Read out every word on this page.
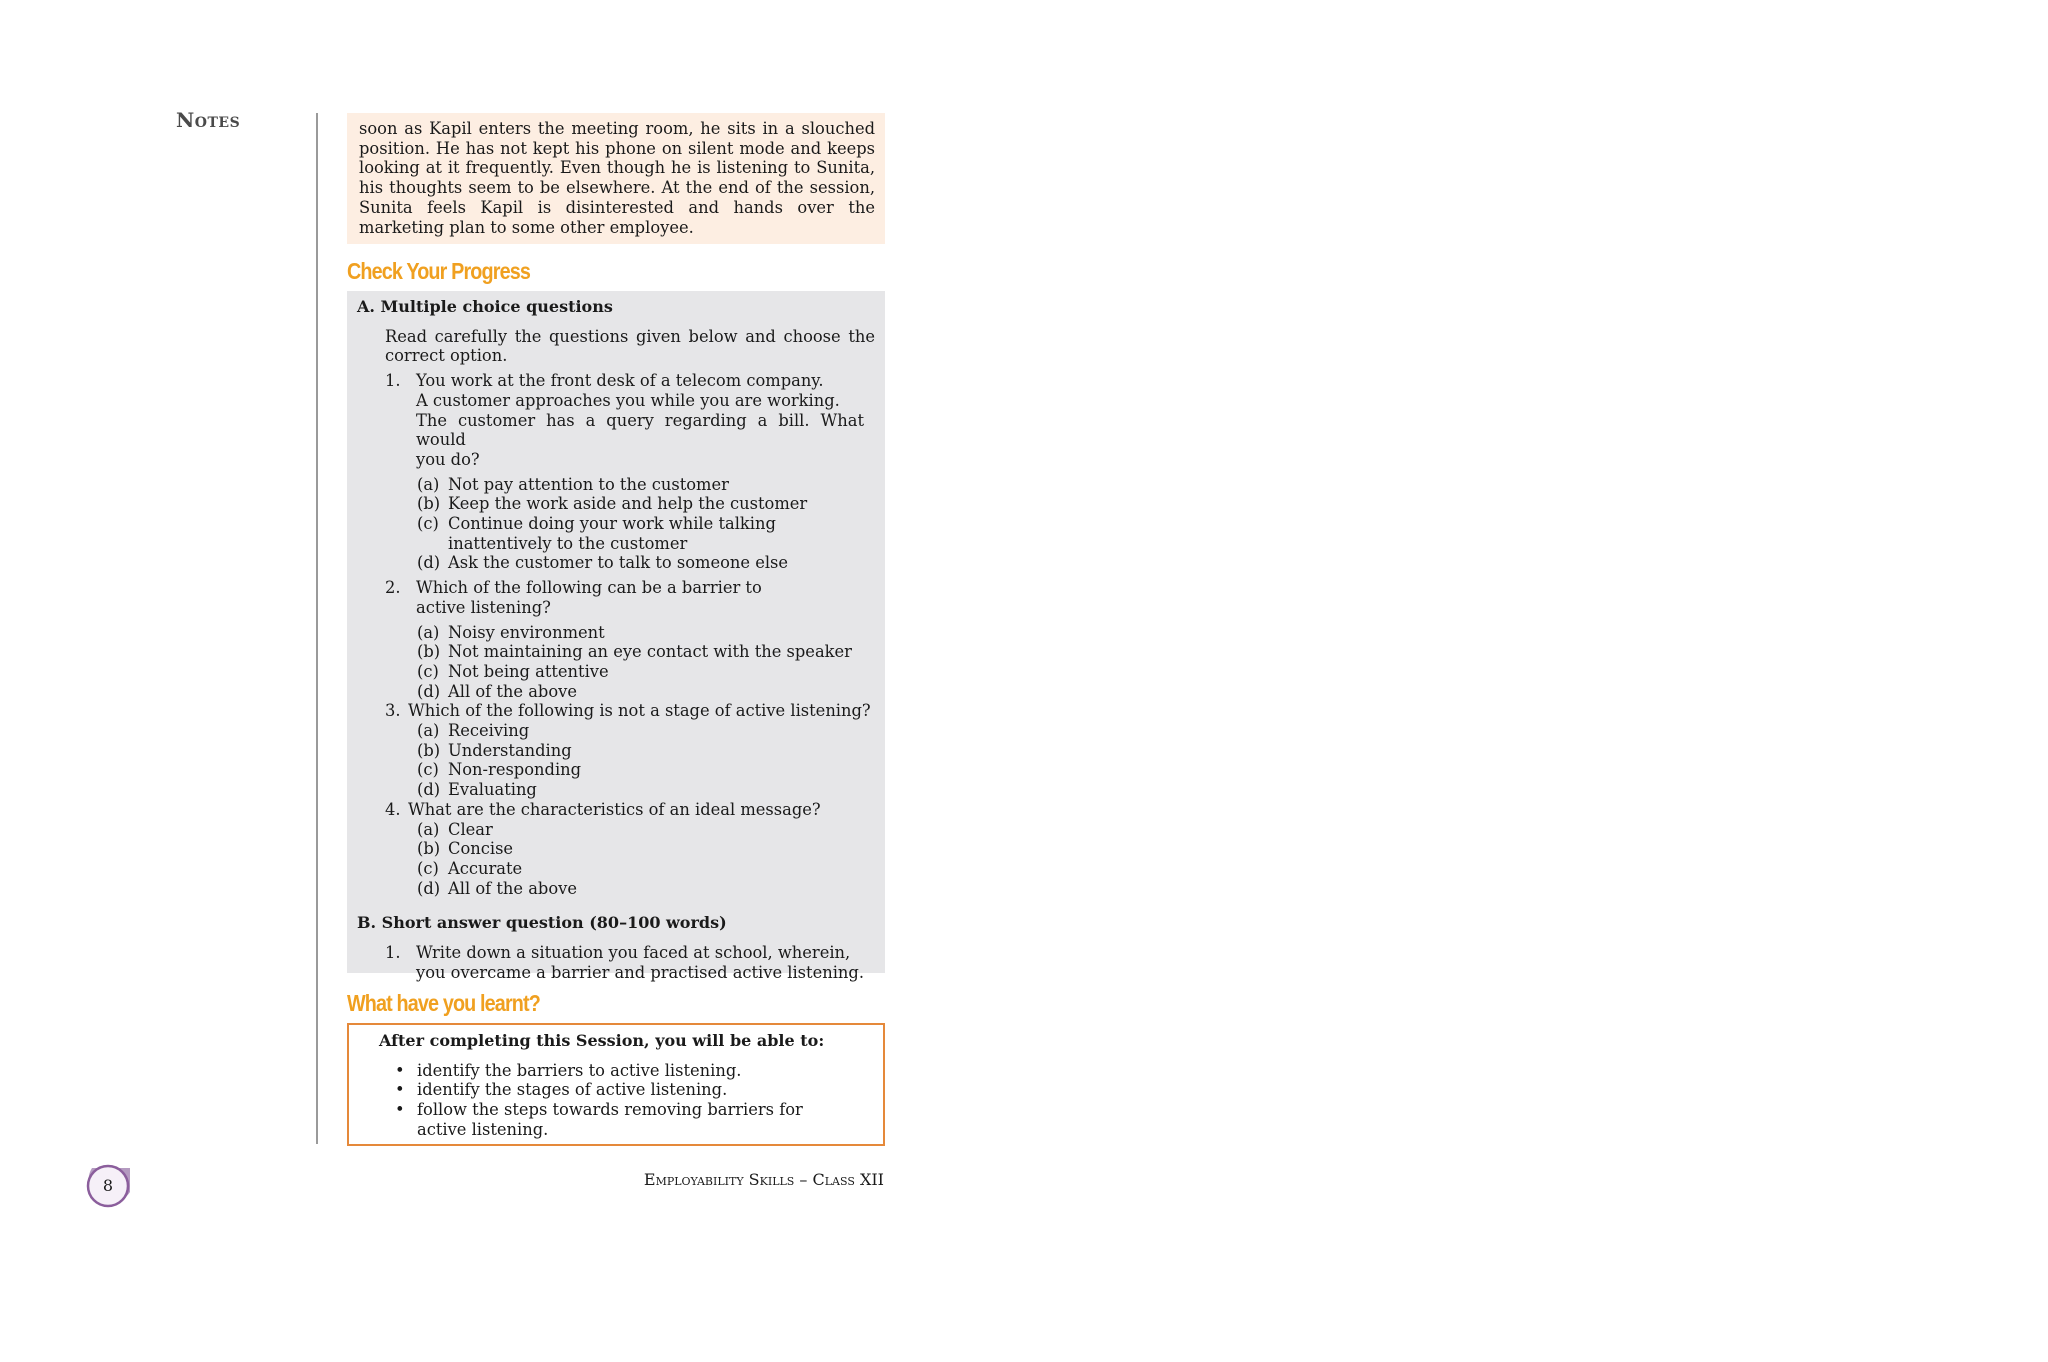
Notes	soon as Kapil enters the meeting room, he sits in a slouched position. He has not kept his phone on silent mode and keeps looking at it frequently. Even though he is listening to Sunita, his thoughts seem to be elsewhere. At the end of the session, Sunita feels Kapil is disinterested and hands over the marketing plan to some other employee.
Check Your Progress
A. Multiple choice questions
Read carefully the questions given below and choose the correct option.
1. You work at the front desk of a telecom company.
A customer approaches you while you are working.
The customer has a query regarding a bill. What would
you do?
(a) Not pay attention to the customer
(b) Keep the work aside and help the customer
(c) Continue doing your work while talking
inattentively to the customer
(d) Ask the customer to talk to someone else
2. Which of the following can be a barrier to
active listening?
(a) Noisy environment
(b) Not maintaining an eye contact with the speaker
(c) Not being attentive
(d) All of the above
3. Which of the following is not a stage of active listening?
(a) Receiving
(b) Understanding
(c) Non-responding
(d) Evaluating
4. What are the characteristics of an ideal message?
(a) Clear
(b) Concise
(c) Accurate
(d) All of the above
B. Short answer question (80–100 words)
1. Write down a situation you faced at school, wherein,
you overcame a barrier and practised active listening.
What have you learnt?
After completing this Session, you will be able to:
• identify the barriers to active listening.
• identify the stages of active listening.
• follow the steps towards removing barriers for
active listening.
8	Employability Skills – Class XII
